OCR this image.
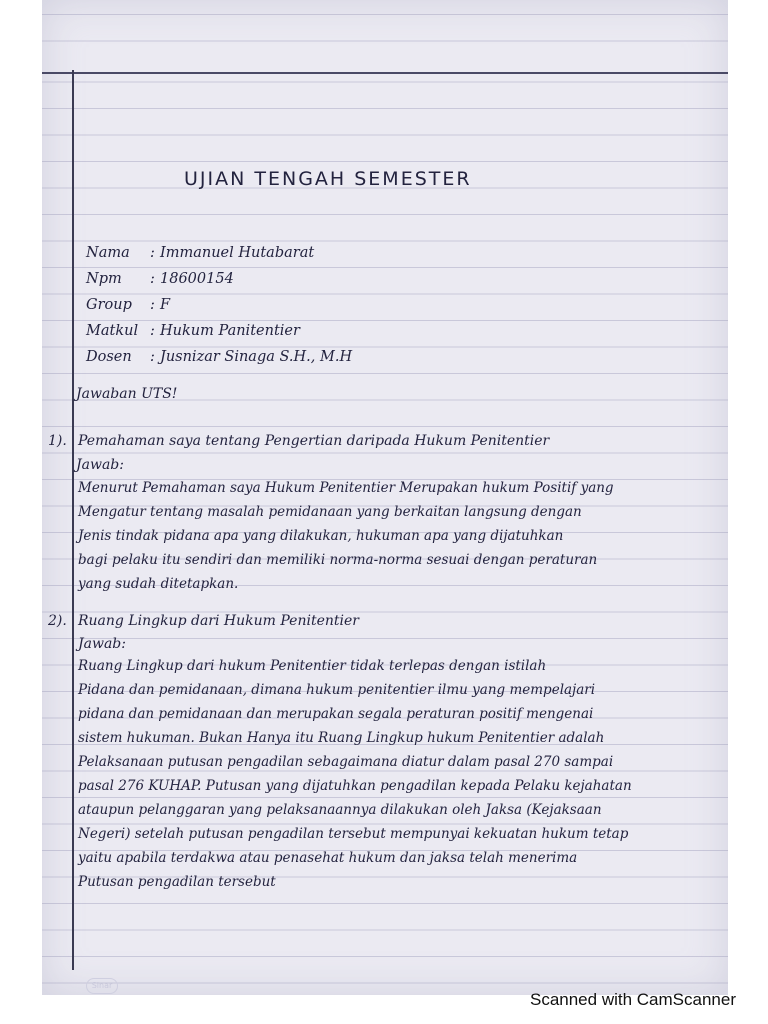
UJIAN TENGAH SEMESTER
Nama : Immanuel Hutabarat
Npm : 18600154
Group : F
Matkul : Hukum Panitentier
Dosen : Jusnizar Sinaga S.H., M.H
Jawaban UTS!
1). Pemahaman saya tentang Pengertian daripada Hukum Penitentier
Jawab:
Menurut Pemahaman saya Hukum Penitentier Merupakan hukum Positif yang
Mengatur tentang masalah pemidanaan yang berkaitan langsung dengan
Jenis tindak pidana apa yang dilakukan, hukuman apa yang dijatuhkan
bagi pelaku itu sendiri dan memiliki norma-norma sesuai dengan peraturan
yang sudah ditetapkan.
2). Ruang Lingkup dari Hukum Penitentier
Jawab:
Ruang Lingkup dari hukum Penitentier tidak terlepas dengan istilah
Pidana dan pemidanaan, dimana hukum penitentier ilmu yang mempelajari
pidana dan pemidanaan dan merupakan segala peraturan positif mengenai
sistem hukuman. Bukan Hanya itu Ruang Lingkup hukum Penitentier adalah
Pelaksanaan putusan pengadilan sebagaimana diatur dalam pasal 270 sampai
pasal 276 KUHAP. Putusan yang dijatuhkan pengadilan kepada Pelaku kejahatan
ataupun pelanggaran yang pelaksanaannya dilakukan oleh Jaksa (Kejaksaan
Negeri) setelah putusan pengadilan tersebut mempunyai kekuatan hukum tetap
yaitu apabila terdakwa atau penasehat hukum dan jaksa telah menerima
Putusan pengadilan tersebut
Sinar
Scanned with CamScanner
